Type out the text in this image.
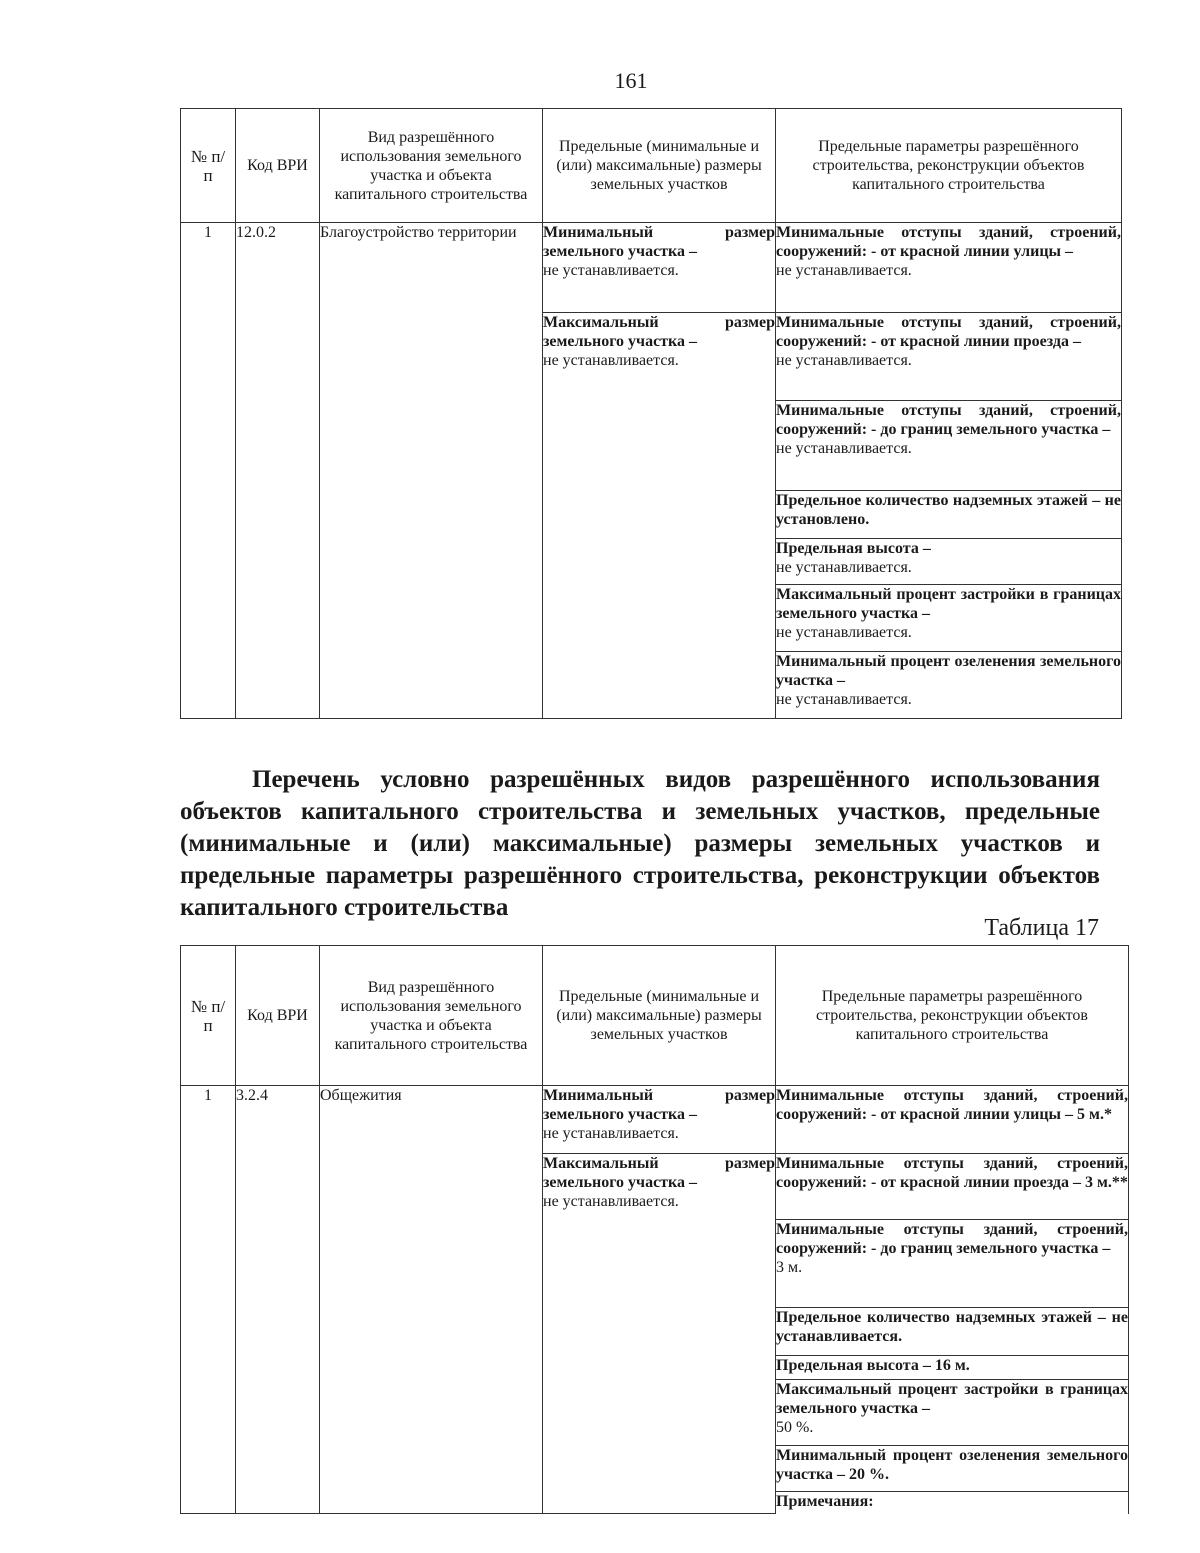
161
№ п/п	Код ВРИ	Вид разрешённого использования земельного участка и объекта капитального строительства	Предельные (минимальные и (или) максимальные) размеры земельных участков	Предельные параметры разрешённого строительства, реконструкции объектов капитального строительства
1	12.0.2	Благоустройство территории	Минимальный размер земельного участка –
не устанавливается.	Минимальные отступы зданий, строений, сооружений: - от красной линии улицы –
не устанавливается.

			Максимальный размер земельного участка –
не устанавливается.	Минимальные отступы зданий, строений, сооружений: - от красной линии проезда –
не устанавливается.

				Минимальные отступы зданий, строений, сооружений: - до границ земельного участка –
не устанавливается.

				Предельное количество надземных этажей – не установлено.

				Предельная высота –
не устанавливается.

				Максимальный процент застройки в границах земельного участка –
не устанавливается.

				Минимальный процент озеленения земельного участка –
не устанавливается.
Перечень условно разрешённых видов разрешённого использования объектов капитального строительства и земельных участков, предельные (минимальные и (или) максимальные) размеры земельных участков и предельные параметры разрешённого строительства, реконструкции объектов капитального строительства
Таблица 17
№ п/п	Код ВРИ	Вид разрешённого использования земельного участка и объекта капитального строительства	Предельные (минимальные и (или) максимальные) размеры земельных участков	Предельные параметры разрешённого строительства, реконструкции объектов капитального строительства
1	3.2.4	Общежития	Минимальный размер земельного участка –
не устанавливается.	Минимальные отступы зданий, строений, сооружений: - от красной линии улицы – 5 м.*

			Максимальный размер земельного участка –
не устанавливается.	Минимальные отступы зданий, строений, сооружений: - от красной линии проезда – 3 м.**

				Минимальные отступы зданий, строений, сооружений: - до границ земельного участка –
3 м.

				Предельное количество надземных этажей – не устанавливается.

				Предельная высота – 16 м.

				Максимальный процент застройки в границах земельного участка –
50 %.

				Минимальный процент озеленения земельного участка – 20 %.

				Примечания:
